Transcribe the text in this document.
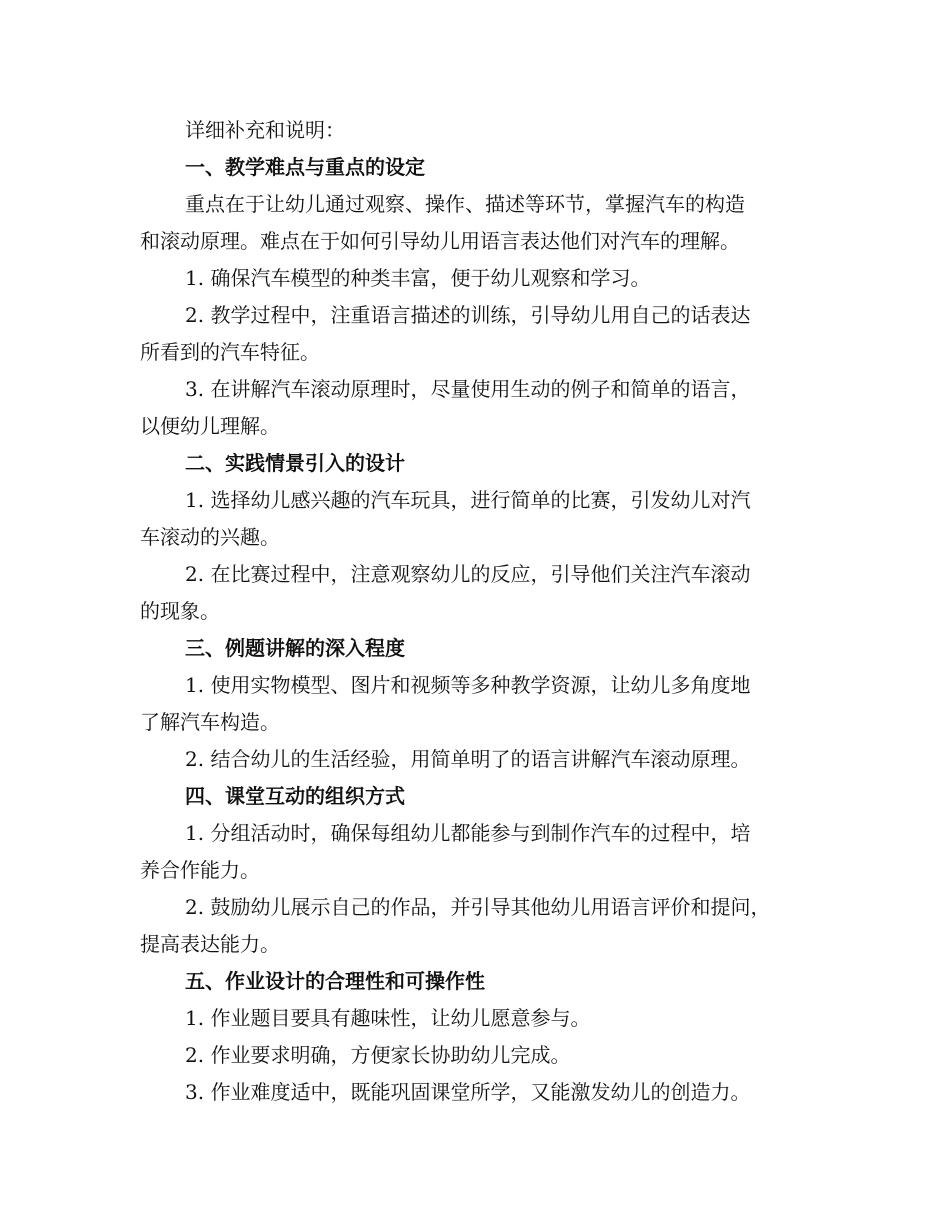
详细补充和说明：
一、教学难点与重点的设定
重点在于让幼儿通过观察、操作、描述等环节，掌握汽车的构造
和滚动原理。难点在于如何引导幼儿用语言表达他们对汽车的理解。
1. 确保汽车模型的种类丰富，便于幼儿观察和学习。
2. 教学过程中，注重语言描述的训练，引导幼儿用自己的话表达
所看到的汽车特征。
3. 在讲解汽车滚动原理时，尽量使用生动的例子和简单的语言，
以便幼儿理解。
二、实践情景引入的设计
1. 选择幼儿感兴趣的汽车玩具，进行简单的比赛，引发幼儿对汽
车滚动的兴趣。
2. 在比赛过程中，注意观察幼儿的反应，引导他们关注汽车滚动
的现象。
三、例题讲解的深入程度
1. 使用实物模型、图片和视频等多种教学资源，让幼儿多角度地
了解汽车构造。
2. 结合幼儿的生活经验，用简单明了的语言讲解汽车滚动原理。
四、课堂互动的组织方式
1. 分组活动时，确保每组幼儿都能参与到制作汽车的过程中，培
养合作能力。
2. 鼓励幼儿展示自己的作品，并引导其他幼儿用语言评价和提问，
提高表达能力。
五、作业设计的合理性和可操作性
1. 作业题目要具有趣味性，让幼儿愿意参与。
2. 作业要求明确，方便家长协助幼儿完成。
3. 作业难度适中，既能巩固课堂所学，又能激发幼儿的创造力。
